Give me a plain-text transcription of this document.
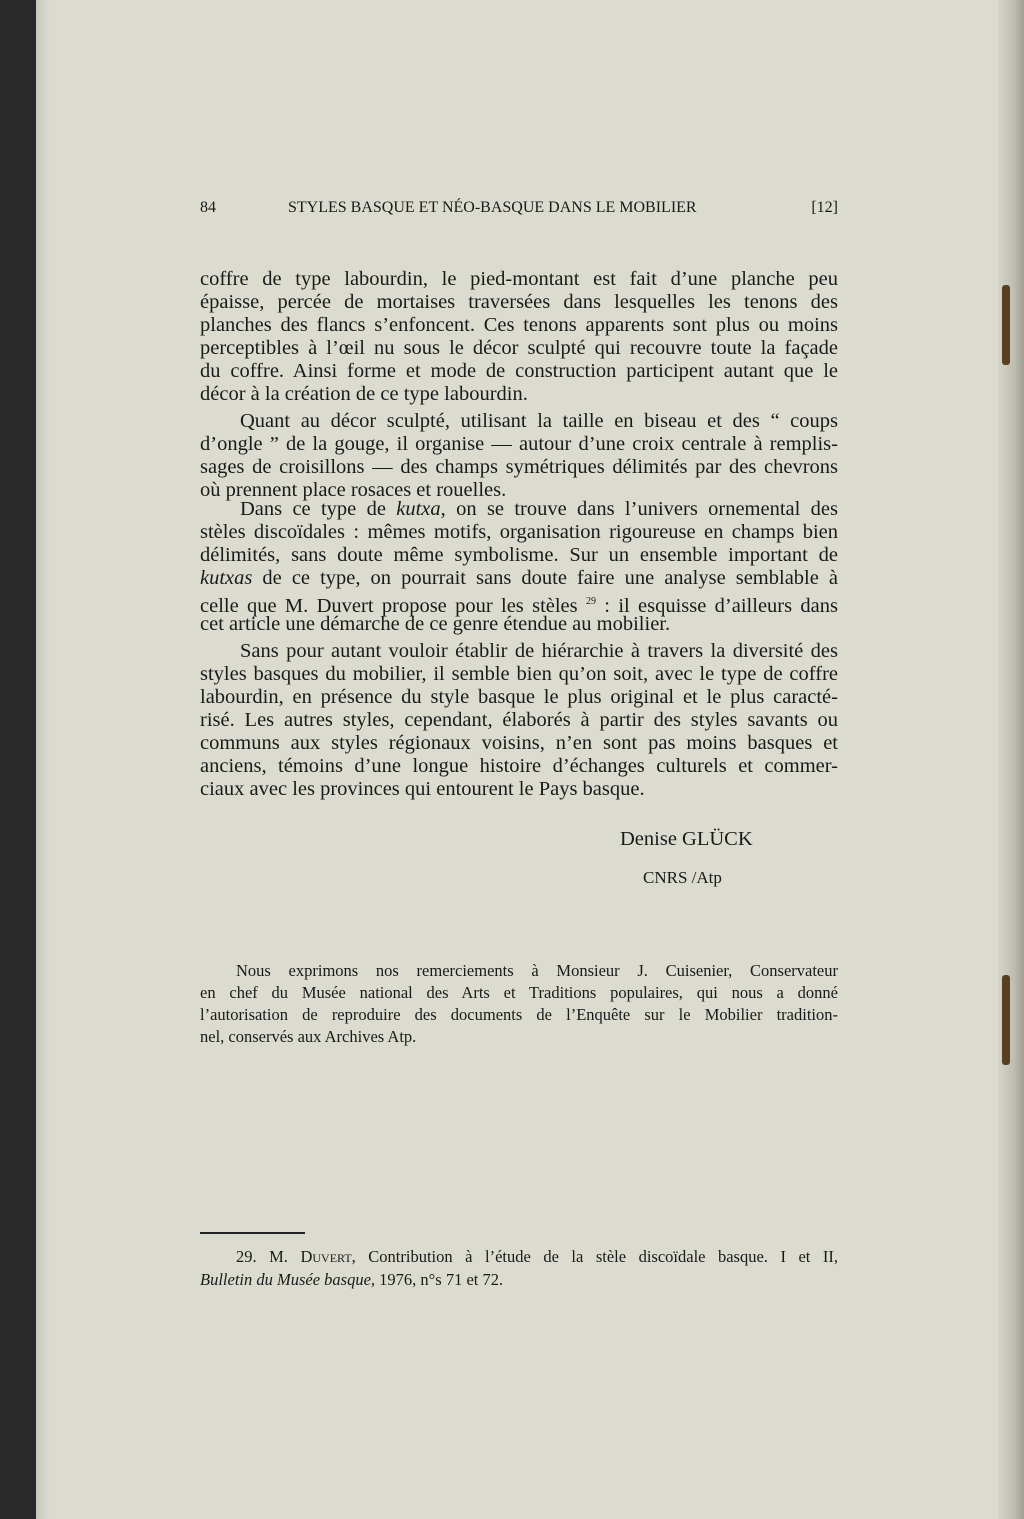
84	STYLES BASQUE ET NÉO-BASQUE DANS LE MOBILIER	[12]
coffre de type labourdin, le pied-montant est fait d’une planche peu
épaisse, percée de mortaises traversées dans lesquelles les tenons des
planches des flancs s’enfoncent. Ces tenons apparents sont plus ou moins
perceptibles à l’œil nu sous le décor sculpté qui recouvre toute la façade
du coffre. Ainsi forme et mode de construction participent autant que le
décor à la création de ce type labourdin.
Quant au décor sculpté, utilisant la taille en biseau et des “ coups
d’ongle ” de la gouge, il organise — autour d’une croix centrale à remplis-
sages de croisillons — des champs symétriques délimités par des chevrons
où prennent place rosaces et rouelles.
Dans ce type de kutxa, on se trouve dans l’univers ornemental des
stèles discoïdales : mêmes motifs, organisation rigoureuse en champs bien
délimités, sans doute même symbolisme. Sur un ensemble important de
kutxas de ce type, on pourrait sans doute faire une analyse semblable à
celle que M. Duvert propose pour les stèles $^{29}$ : il esquisse d’ailleurs dans
cet article une démarche de ce genre étendue au mobilier.
Sans pour autant vouloir établir de hiérarchie à travers la diversité des
styles basques du mobilier, il semble bien qu’on soit, avec le type de coffre
labourdin, en présence du style basque le plus original et le plus caracté-
risé. Les autres styles, cependant, élaborés à partir des styles savants ou
communs aux styles régionaux voisins, n’en sont pas moins basques et
anciens, témoins d’une longue histoire d’échanges culturels et commer-
ciaux avec les provinces qui entourent le Pays basque.
Nous exprimons nos remerciements à Monsieur J. Cuisenier, Conservateur
en chef du Musée national des Arts et Traditions populaires, qui nous a donné
l’autorisation de reproduire des documents de l’Enquête sur le Mobilier tradition-
nel, conservés aux Archives Atp.
29. M. Duvert, Contribution à l’étude de la stèle discoïdale basque. I et II,
Bulletin du Musée basque, 1976, n°s 71 et 72.
Denise GLÜCK
CNRS /Atp
